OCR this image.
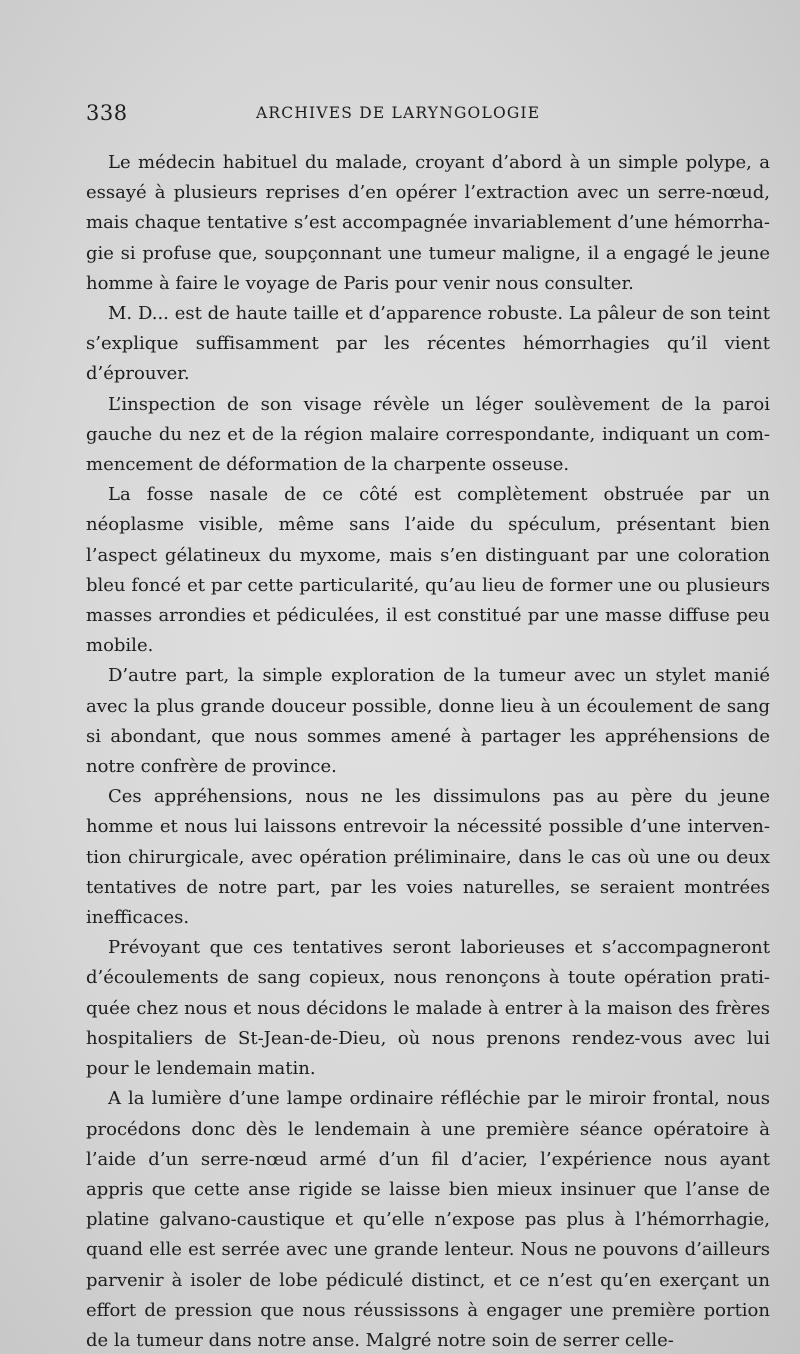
338	ARCHIVES DE LARYNGOLOGIE

Le médecin habituel du malade, croyant d’abord à un simple polype, a essayé à plusieurs reprises d’en opérer l’extraction avec un serre-nœud, mais chaque tentative s’est accompagnée invariablement d’une hémorrhagie si profuse que, soupçonnant une tumeur maligne, il a engagé le jeune homme à faire le voyage de Paris pour venir nous consulter.

M. D... est de haute taille et d’apparence robuste. La pâleur de son teint s’explique suffisamment par les récentes hémorrhagies qu’il vient d’éprouver.

L’inspection de son visage révèle un léger soulèvement de la paroi gauche du nez et de la région malaire correspondante, indiquant un commencement de déformation de la charpente osseuse.

La fosse nasale de ce côté est complètement obstruée par un néoplasme visible, même sans l’aide du spéculum, présentant bien l’aspect gélatineux du myxome, mais s’en distinguant par une coloration bleu foncé et par cette particularité, qu’au lieu de former une ou plusieurs masses arrondies et pédiculées, il est constitué par une masse diffuse peu mobile.

D’autre part, la simple exploration de la tumeur avec un stylet manié avec la plus grande douceur possible, donne lieu à un écoulement de sang si abondant, que nous sommes amené à partager les appréhensions de notre confrère de province.

Ces appréhensions, nous ne les dissimulons pas au père du jeune homme et nous lui laissons entrevoir la nécessité possible d’une intervention chirurgicale, avec opération préliminaire, dans le cas où une ou deux tentatives de notre part, par les voies naturelles, se seraient montrées inefficaces.

Prévoyant que ces tentatives seront laborieuses et s’accompagneront d’écoulements de sang copieux, nous renonçons à toute opération pratiquée chez nous et nous décidons le malade à entrer à la maison des frères hospitaliers de St-Jean-de-Dieu, où nous prenons rendez-vous avec lui pour le lendemain matin.

A la lumière d’une lampe ordinaire réfléchie par le miroir frontal, nous procédons donc dès le lendemain à une première séance opératoire à l’aide d’un serre-nœud armé d’un fil d’acier, l’expérience nous ayant appris que cette anse rigide se laisse bien mieux insinuer que l’anse de platine galvano-caustique et qu’elle n’expose pas plus à l’hémorrhagie, quand elle est serrée avec une grande lenteur. Nous ne pouvons d’ailleurs parvenir à isoler de lobe pédiculé distinct, et ce n’est qu’en exerçant un effort de pression que nous réussissons à engager une première portion de la tumeur dans notre anse. Malgré notre soin de serrer celle-
